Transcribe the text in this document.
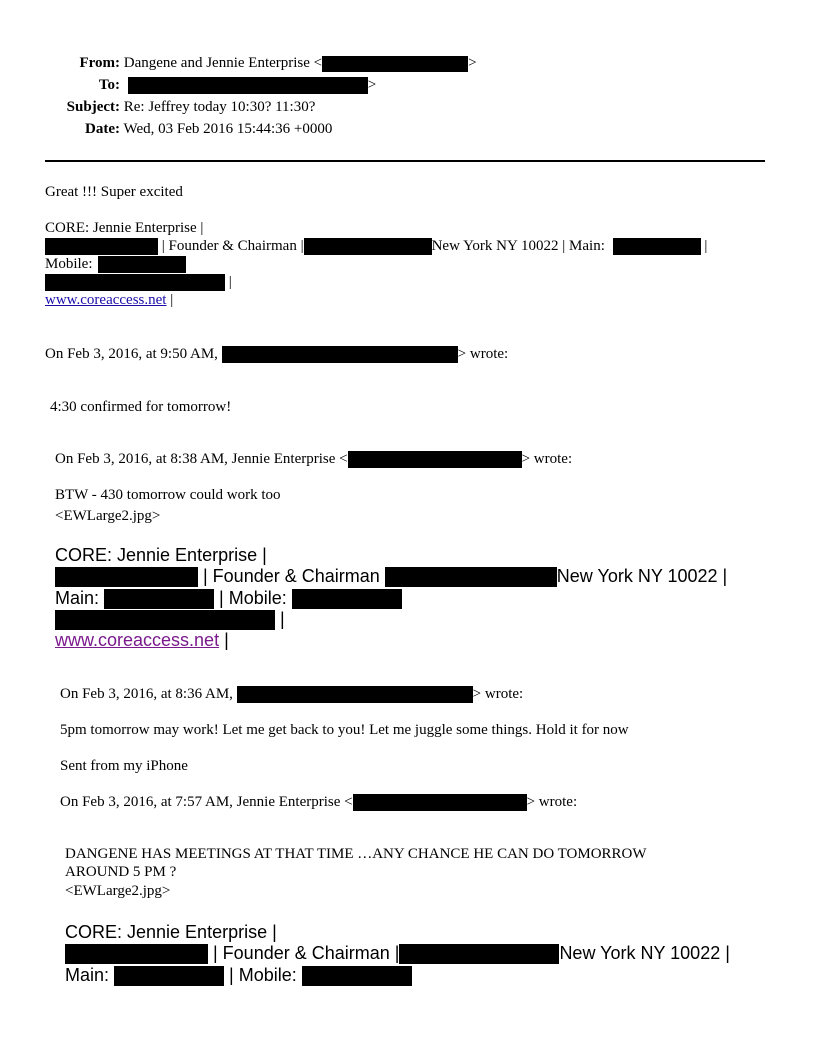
From: Dangene and Jennie Enterprise <	>
To:	>
Subject: Re: Jeffrey today 10:30? 11:30?
Date: Wed, 03 Feb 2016 15:44:36 +0000
Great !!! Super excited
CORE: Jennie Enterprise |
| Founder & Chairman |	New York NY 10022 | Main:	|
Mobile:
|
www.coreaccess.net |
On Feb 3, 2016, at 9:50 AM,	> wrote:
4:30 confirmed for tomorrow!
On Feb 3, 2016, at 8:38 AM, Jennie Enterprise <	> wrote:
BTW - 430 tomorrow could work too
<EWLarge2.jpg>
CORE: Jennie Enterprise |
| Founder & Chairman	New York NY 10022 |
Main:	| Mobile:
|
www.coreaccess.net |
On Feb 3, 2016, at 8:36 AM,	> wrote:
5pm tomorrow may work! Let me get back to you! Let me juggle some things. Hold it for now
Sent from my iPhone
On Feb 3, 2016, at 7:57 AM, Jennie Enterprise <	> wrote:
DANGENE HAS MEETINGS AT THAT TIME …ANY CHANCE HE CAN DO TOMORROW
AROUND 5 PM ?
<EWLarge2.jpg>
CORE: Jennie Enterprise |
| Founder & Chairman |	New York NY 10022 |
Main:	| Mobile:
